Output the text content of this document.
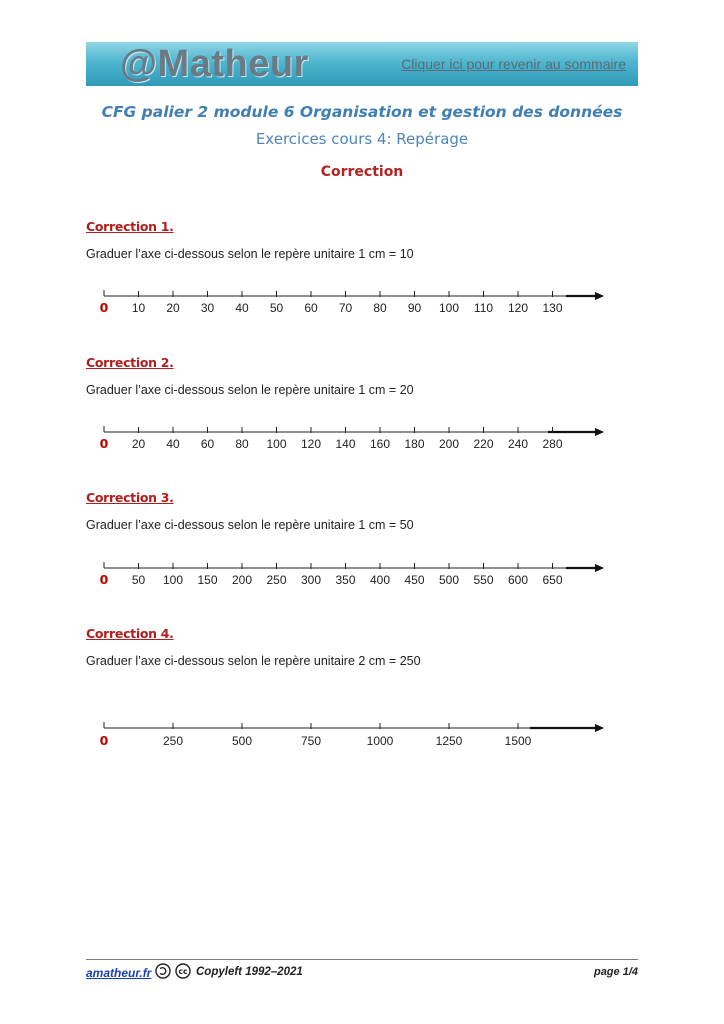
@Matheur	Cliquer ici pour revenir au sommaire
CFG palier 2 module 6 Organisation et gestion des données
Exercices cours 4: Repérage
Correction
Correction 1.
Graduer l’axe ci-dessous selon le repère unitaire 1 cm = 10
0 10 20 30 40 50 60 70 80 90 100 110 120 130
Correction 2.
Graduer l’axe ci-dessous selon le repère unitaire 1 cm = 20
0 20 40 60 80 100 120 140 160 180 200 220 240 280
Correction 3.
Graduer l’axe ci-dessous selon le repère unitaire 1 cm = 50
0 50 100 150 200 250 300 350 400 450 500 550 600 650
Correction 4.
Graduer l’axe ci-dessous selon le repère unitaire 2 cm = 250
0	250	500	750	1000	1250	1500
amatheur.fr	cc Copyleft 1992–2021	page 1/4
